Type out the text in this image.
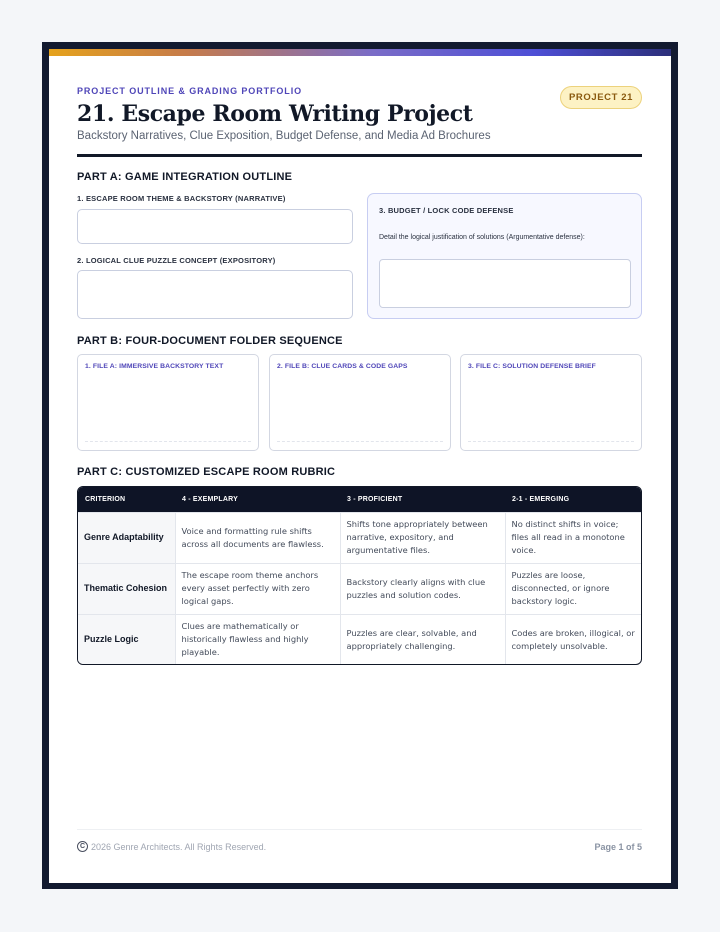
PROJECT OUTLINE & GRADING PORTFOLIO
PROJECT 21
21. Escape Room Writing Project
Backstory Narratives, Clue Exposition, Budget Defense, and Media Ad Brochures
PART A: GAME INTEGRATION OUTLINE
1. ESCAPE ROOM THEME & BACKSTORY (NARRATIVE)
2. LOGICAL CLUE PUZZLE CONCEPT (EXPOSITORY)
3. BUDGET / LOCK CODE DEFENSE
Detail the logical justification of solutions (Argumentative defense):
PART B: FOUR-DOCUMENT FOLDER SEQUENCE
1. FILE A: IMMERSIVE BACKSTORY TEXT	2. FILE B: CLUE CARDS & CODE GAPS	3. FILE C: SOLUTION DEFENSE BRIEF
PART C: CUSTOMIZED ESCAPE ROOM RUBRIC
CRITERION	4 - EXEMPLARY	3 - PROFICIENT	2-1 - EMERGING
Genre Adaptability	Voice and formatting rule shifts across all documents are flawless.	Shifts tone appropriately between narrative, expository, and argumentative files.	No distinct shifts in voice; files all read in a monotone voice.
Thematic Cohesion	The escape room theme anchors every asset perfectly with zero logical gaps.	Backstory clearly aligns with clue puzzles and solution codes.	Puzzles are loose, disconnected, or ignore backstory logic.
Puzzle Logic	Clues are mathematically or historically flawless and highly playable.	Puzzles are clear, solvable, and appropriately challenging.	Codes are broken, illogical, or completely unsolvable.
C 2026 Genre Architects. All Rights Reserved.	Page 1 of 5
